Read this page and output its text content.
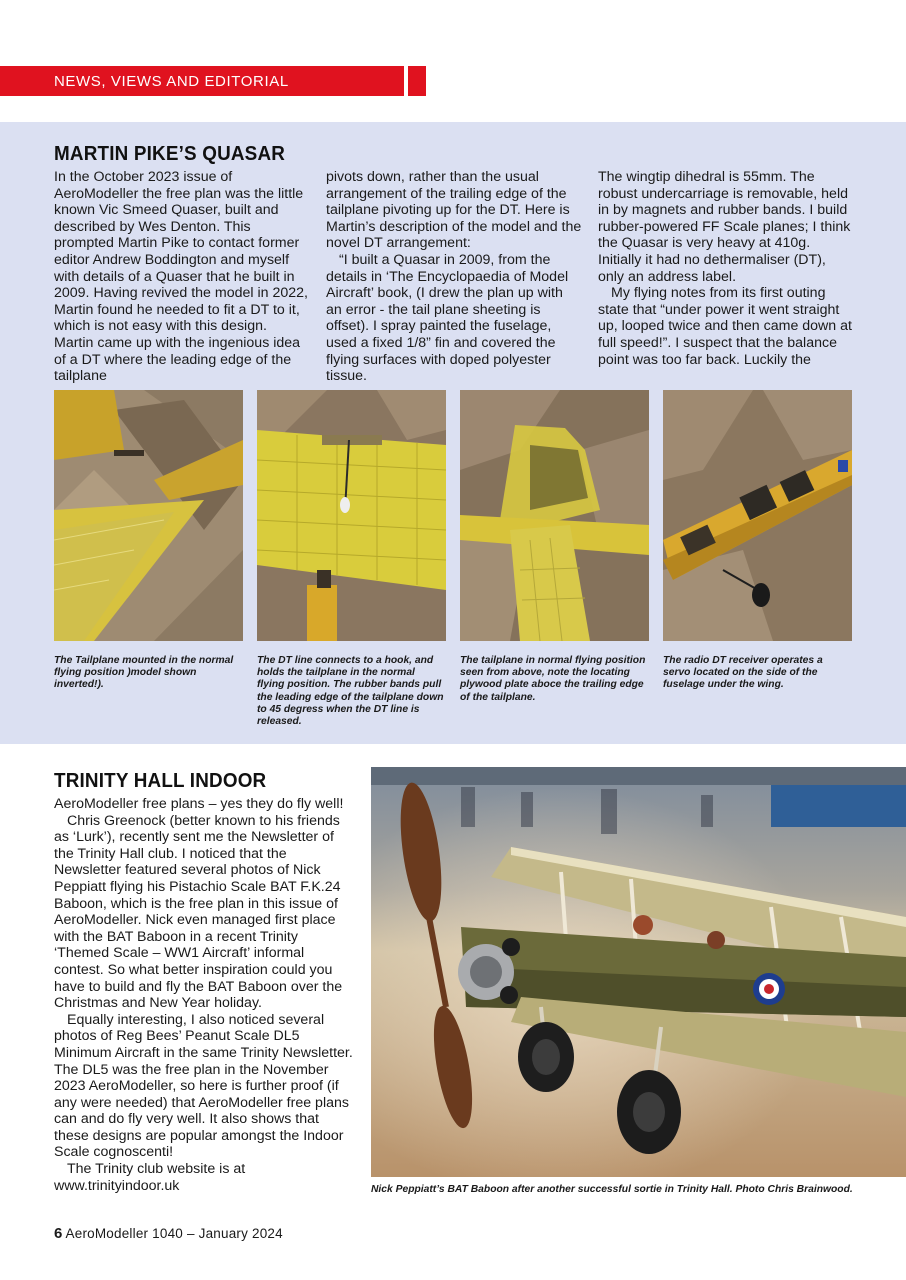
NEWS, VIEWS AND EDITORIAL
MARTIN PIKE’S QUASAR

In the October 2023 issue of AeroModeller the free plan was the little known Vic Smeed Quaser, built and described by Wes Denton. This prompted Martin Pike to contact former editor Andrew Boddington and myself with details of a Quaser that he built in 2009. Having revived the model in 2022, Martin found he needed to fit a DT to it, which is not easy with this design. Martin came up with the ingenious idea of a DT where the leading edge of the tailplane

pivots down, rather than the usual arrangement of the trailing edge of the tailplane pivoting up for the DT. Here is Martin’s description of the model and the novel DT arrangement:

“I built a Quasar in 2009, from the details in ‘The Encyclopaedia of Model Aircraft’ book, (I drew the plan up with an error - the tail plane sheeting is offset). I spray painted the fuselage, used a fixed 1/8” fin and covered the flying surfaces with doped polyester tissue.

The wingtip dihedral is 55mm. The robust undercarriage is removable, held in by magnets and rubber bands. I build rubber-powered FF Scale planes; I think the Quasar is very heavy at 410g. Initially it had no dethermaliser (DT), only an address label.

My flying notes from its first outing state that “under power it went straight up, looped twice and then came down at full speed!”. I suspect that the balance point was too far back. Luckily the

The Tailplane mounted in the normal flying position )model shown inverted!).
The DT line connects to a hook, and holds the tailplane in the normal flying position. The rubber bands pull the leading edge of the tailplane down to 45 degress when the DT line is released.
The tailplane in normal flying position seen from above, note the locating plywood plate aboce the trailing edge of the tailplane.
The radio DT receiver operates a servo located on the side of the fuselage under the wing.
TRINITY HALL INDOOR

AeroModeller free plans – yes they do fly well!

Chris Greenock (better known to his friends as ‘Lurk’), recently sent me the Newsletter of the Trinity Hall club. I noticed that the Newsletter featured several photos of Nick Peppiatt flying his Pistachio Scale BAT F.K.24 Baboon, which is the free plan in this issue of AeroModeller. Nick even managed first place with the BAT Baboon in a recent Trinity ‘Themed Scale – WW1 Aircraft’ informal contest. So what better inspiration could you have to build and fly the BAT Baboon over the Christmas and New Year holiday.

Equally interesting, I also noticed several photos of Reg Bees’ Peanut Scale DL5 Minimum Aircraft in the same Trinity Newsletter. The DL5 was the free plan in the November 2023 AeroModeller, so here is further proof (if any were needed) that AeroModeller free plans can and do fly very well. It also shows that these designs are popular amongst the Indoor Scale cognoscenti!

The Trinity club website is at www.trinityindoor.uk	Nick Peppiatt’s BAT Baboon after another successful sortie in Trinity Hall. Photo Chris Brainwood.
6 AeroModeller 1040 – January 2024
